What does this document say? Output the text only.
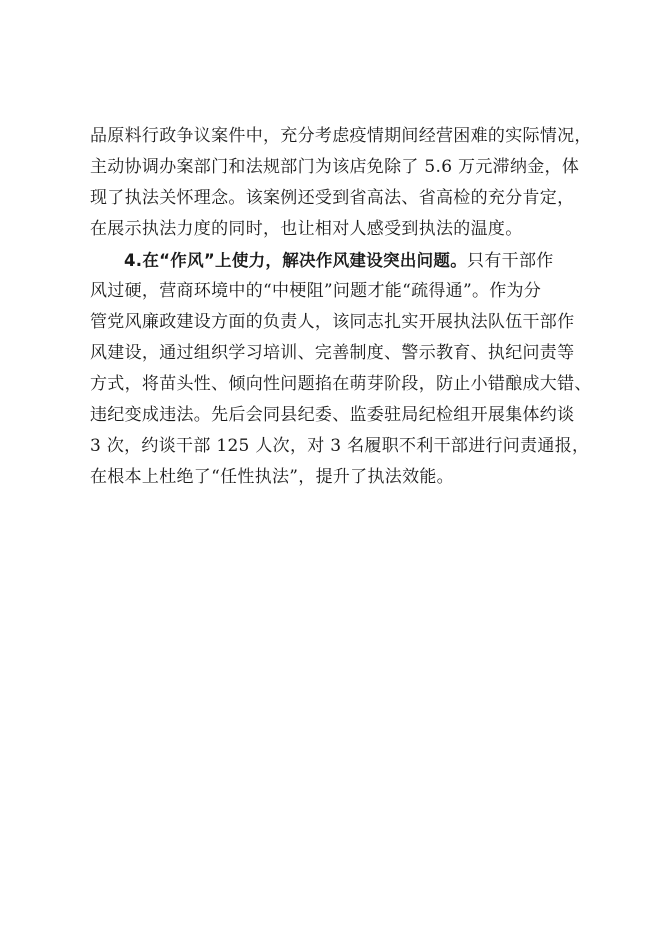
品原料行政争议案件中，充分考虑疫情期间经营困难的实际情况，
主动协调办案部门和法规部门为该店免除了 5.6 万元滞纳金，体
现了执法关怀理念。该案例还受到省高法、省高检的充分肯定，
在展示执法力度的同时，也让相对人感受到执法的温度。
4.在“作风”上使力，解决作风建设突出问题。只有干部作
风过硬，营商环境中的“中梗阻”问题才能“疏得通”。作为分
管党风廉政建设方面的负责人，该同志扎实开展执法队伍干部作
风建设，通过组织学习培训、完善制度、警示教育、执纪问责等
方式，将苗头性、倾向性问题掐在萌芽阶段，防止小错酿成大错、
违纪变成违法。先后会同县纪委、监委驻局纪检组开展集体约谈
3 次，约谈干部 125 人次，对 3 名履职不利干部进行问责通报，
在根本上杜绝了“任性执法”，提升了执法效能。
